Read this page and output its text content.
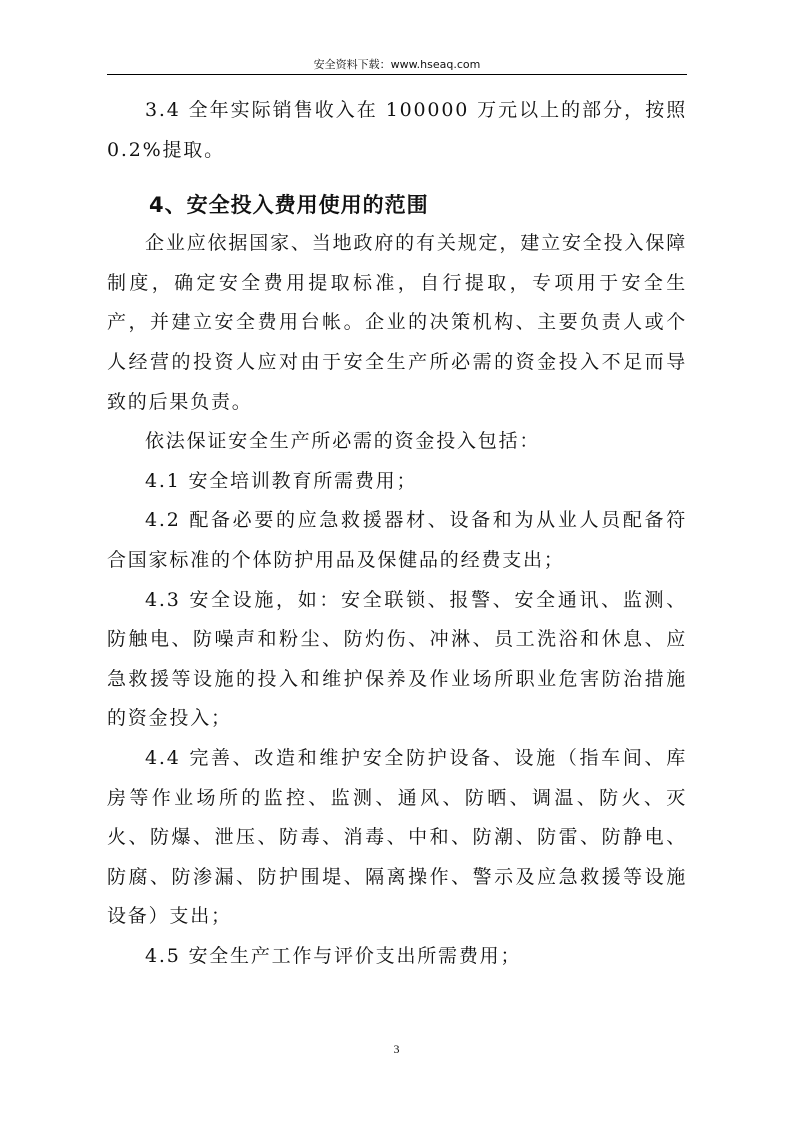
安全资料下载：www.hseaq.com

3.4 全年实际销售收入在 100000 万元以上的部分，按照 0.2%提取。

4、安全投入费用使用的范围

企业应依据国家、当地政府的有关规定，建立安全投入保障制度，确定安全费用提取标准，自行提取，专项用于安全生产，并建立安全费用台帐。企业的决策机构、主要负责人或个人经营的投资人应对由于安全生产所必需的资金投入不足而导致的后果负责。

依法保证安全生产所必需的资金投入包括：

4.1 安全培训教育所需费用；

4.2 配备必要的应急救援器材、设备和为从业人员配备符合国家标准的个体防护用品及保健品的经费支出；

4.3 安全设施，如：安全联锁、报警、安全通讯、监测、防触电、防噪声和粉尘、防灼伤、冲淋、员工洗浴和休息、应急救援等设施的投入和维护保养及作业场所职业危害防治措施的资金投入；

4.4 完善、改造和维护安全防护设备、设施（指车间、库房等作业场所的监控、监测、通风、防晒、调温、防火、灭火、防爆、泄压、防毒、消毒、中和、防潮、防雷、防静电、防腐、防渗漏、防护围堤、隔离操作、警示及应急救援等设施设备）支出；

4.5 安全生产工作与评价支出所需费用；

3
